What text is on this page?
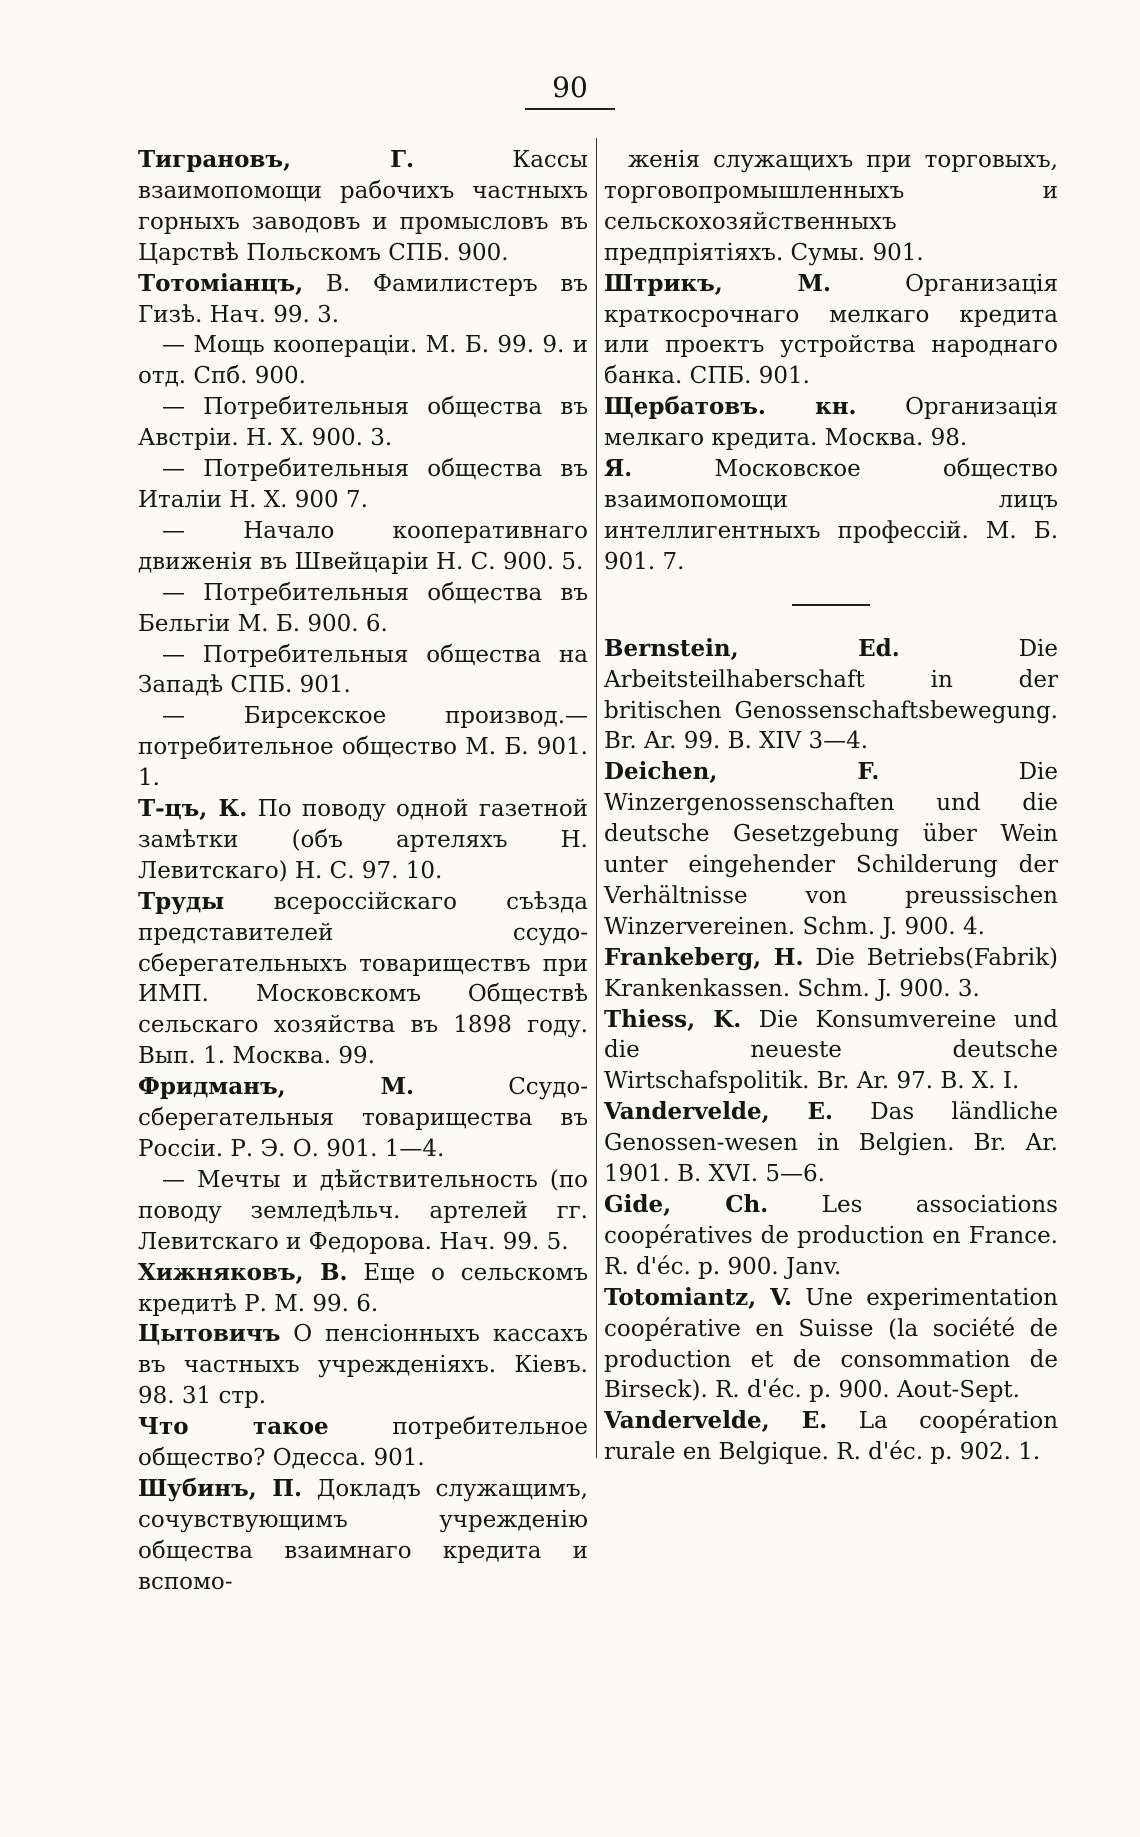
90

Тиграновъ, Г. Кассы взаимопомощи рабочихъ частныхъ горныхъ заводовъ и промысловъ въ Царствѣ Польскомъ СПБ. 900.

Тотоміанцъ, В. Фамилистеръ въ Гизѣ. Нач. 99. 3.

— Мощь коопераціи. М. Б. 99. 9. и отд. Спб. 900.

— Потребительныя общества въ Австріи. Н. Х. 900. 3.

— Потребительныя общества въ Италіи Н. Х. 900 7.

— Начало кооперативнаго движенія въ Швейцаріи Н. С. 900. 5.

— Потребительныя общества въ Бельгіи М. Б. 900. 6.

— Потребительныя общества на Западѣ СПБ. 901.

— Бирсекское производ.—потребительное общество М. Б. 901. 1.

Т-цъ, К. По поводу одной газетной замѣтки (объ артеляхъ Н. Левитскаго) Н. С. 97. 10.

Труды всероссійскаго съѣзда представителей ссудо-сберегательныхъ товариществъ при ИМП. Московскомъ Обществѣ сельскаго хозяйства въ 1898 году. Вып. 1. Москва. 99.

Фридманъ, М. Ссудо-сберегательныя товарищества въ Россіи. Р. Э. О. 901. 1—4.

— Мечты и дѣйствительность (по поводу земледѣльч. артелей гг. Левитскаго и Федорова. Нач. 99. 5.

Хижняковъ, В. Еще о сельскомъ кредитѣ Р. М. 99. 6.

Цытовичъ О пенсіонныхъ кассахъ въ частныхъ учрежденіяхъ. Кіевъ. 98. 31 стр.

Что такое потребительное общество? Одесса. 901.

Шубинъ, П. Докладъ служащимъ, сочувствующимъ учрежденію общества взаимнаго кредита и вспомо-

женія служащихъ при торговыхъ, торговопромышленныхъ и сельскохозяйственныхъ предпріятіяхъ. Сумы. 901.

Штрикъ, М. Организація краткосрочнаго мелкаго кредита или проектъ устройства народнаго банка. СПБ. 901.

Щербатовъ. кн. Организація мелкаго кредита. Москва. 98.

Я. Московское общество взаимопомощи лицъ интеллигентныхъ профессій. М. Б. 901. 7.

Bernstein, Ed. Die Arbeitsteilhaberschaft in der britischen Genossenschaftsbewegung. Br. Ar. 99. B. XIV 3—4.

Deichen, F. Die Winzergenossenschaften und die deutsche Gesetzgebung über Wein unter eingehender Schilderung der Verhältnisse von preussischen Winzervereinen. Schm. J. 900. 4.

Frankeberg, H. Die Betriebs(Fabrik) Krankenkassen. Schm. J. 900. 3.

Thiess, K. Die Konsumvereine und die neueste deutsche Wirtschafspolitik. Br. Ar. 97. B. X. I.

Vandervelde, E. Das ländliche Genossen-wesen in Belgien. Br. Ar. 1901. B. XVI. 5—6.

Gide, Ch. Les associations coopératives de production en France. R. d'éc. p. 900. Janv.

Totomiantz, V. Une experimentation coopérative en Suisse (la société de production et de consommation de Birseck). R. d'éc. p. 900. Aout-Sept.

Vandervelde, E. La coopération rurale en Belgique. R. d'éc. p. 902. 1.
